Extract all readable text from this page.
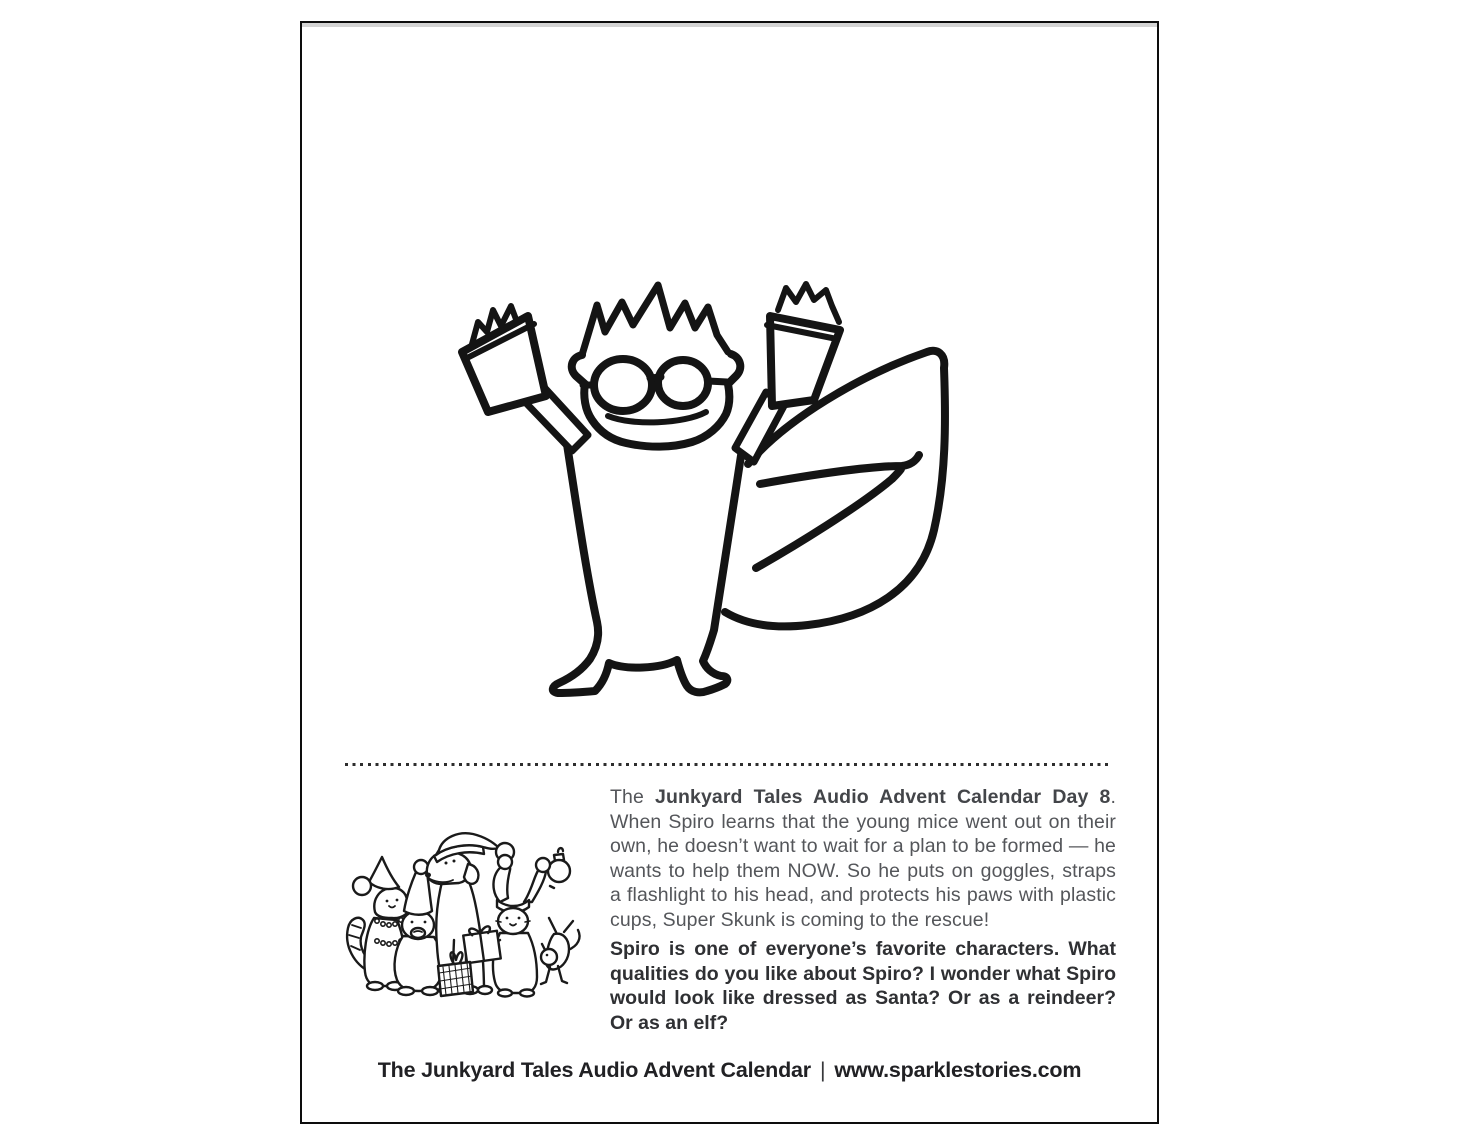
The Junkyard Tales Audio Advent Calendar Day 8. When Spiro learns that the young mice went out on their own, he doesn’t want to wait for a plan to be formed — he wants to help them NOW. So he puts on goggles, straps a flashlight to his head, and protects his paws with plastic cups, Super Skunk is coming to the rescue!

Spiro is one of everyone’s favorite characters. What qualities do you like about Spiro? I wonder what Spiro would look like dressed as Santa? Or as a reindeer? Or as an elf?

The Junkyard Tales Audio Advent Calendar | www.sparklestories.com
